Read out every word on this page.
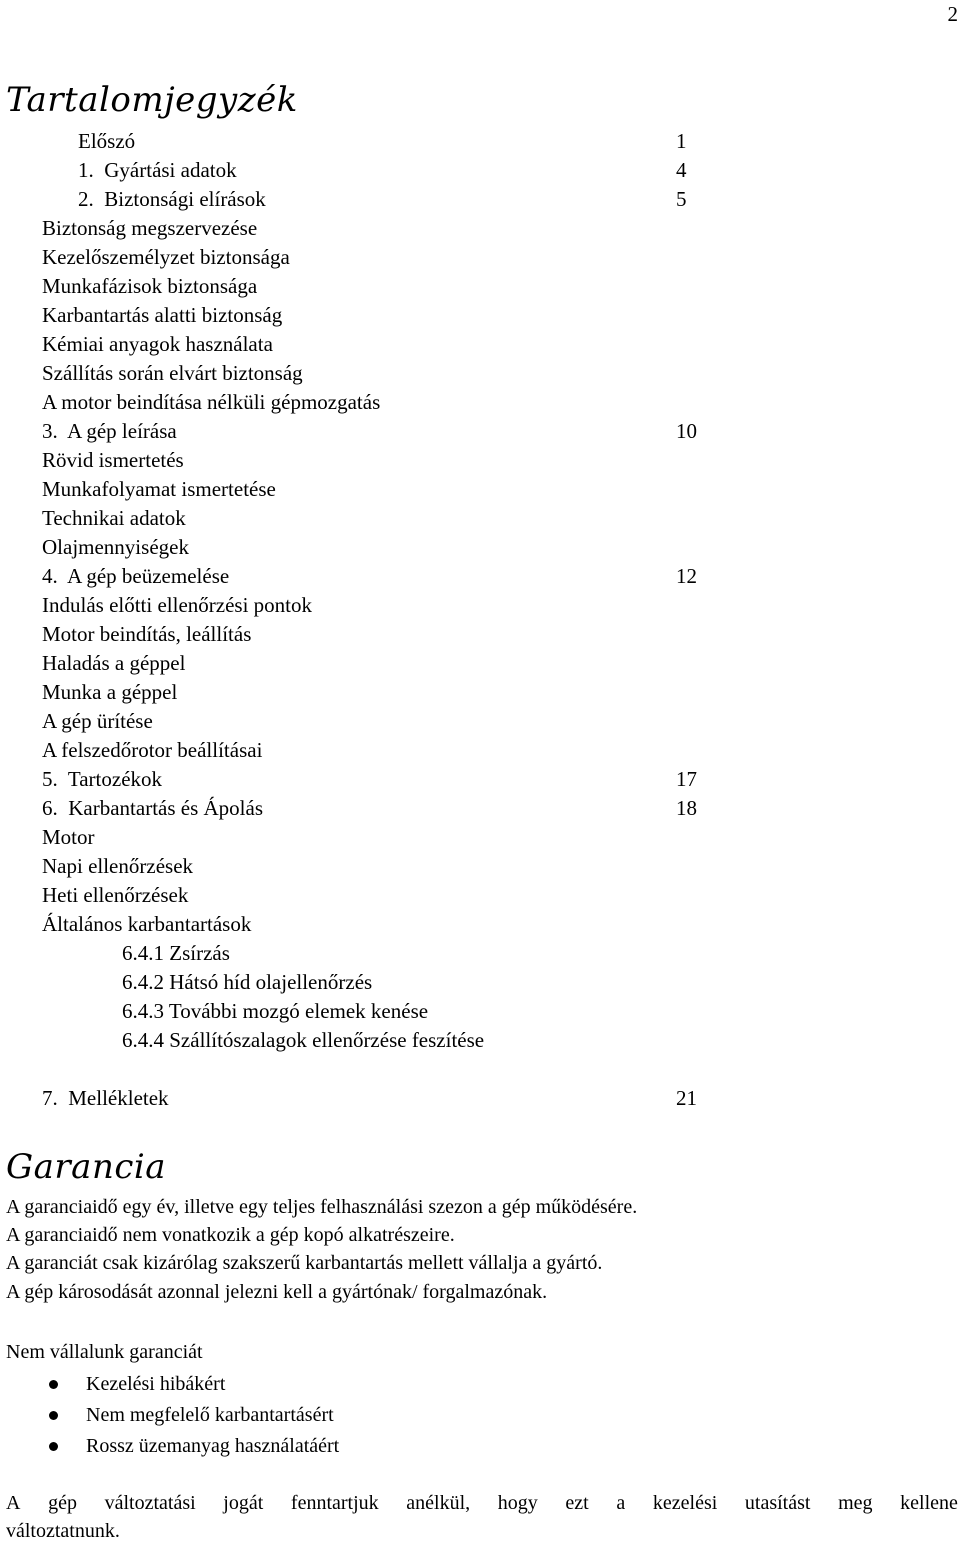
2
Tartalomjegyzék
Előszó	1
1.  Gyártási adatok	4
2.  Biztonsági elírások	5
Biztonság megszervezése
Kezelőszemélyzet biztonsága
Munkafázisok biztonsága
Karbantartás alatti biztonság
Kémiai anyagok használata
Szállítás során elvárt biztonság
A motor beindítása nélküli gépmozgatás
3.  A gép leírása	10
Rövid ismertetés
Munkafolyamat ismertetése
Technikai adatok
Olajmennyiségek
4.  A gép beüzemelése	12
Indulás előtti ellenőrzési pontok
Motor beindítás, leállítás
Haladás a géppel
Munka a géppel
A gép ürítése
A felszedőrotor beállításai
5.  Tartozékok	17
6.  Karbantartás és Ápolás	18
Motor
Napi ellenőrzések
Heti ellenőrzések
Általános karbantartások
6.4.1 Zsírzás
6.4.2 Hátsó híd olajellenőrzés
6.4.3 További mozgó elemek kenése
6.4.4 Szállítószalagok ellenőrzése feszítése
7.  Mellékletek	21
Garancia
A garanciaidő egy év, illetve egy teljes felhasználási szezon a gép működésére.
A garanciaidő nem vonatkozik a gép kopó alkatrészeire.
A garanciát csak kizárólag szakszerű karbantartás mellett vállalja a gyártó.
A gép károsodását azonnal jelezni kell a gyártónak/ forgalmazónak.
Nem vállalunk garanciát
Kezelési hibákért
Nem megfelelő karbantartásért
Rossz üzemanyag használatáért
A gép változtatási jogát fenntartjuk anélkül, hogy ezt a kezelési utasítást meg kellene
változtatnunk.
